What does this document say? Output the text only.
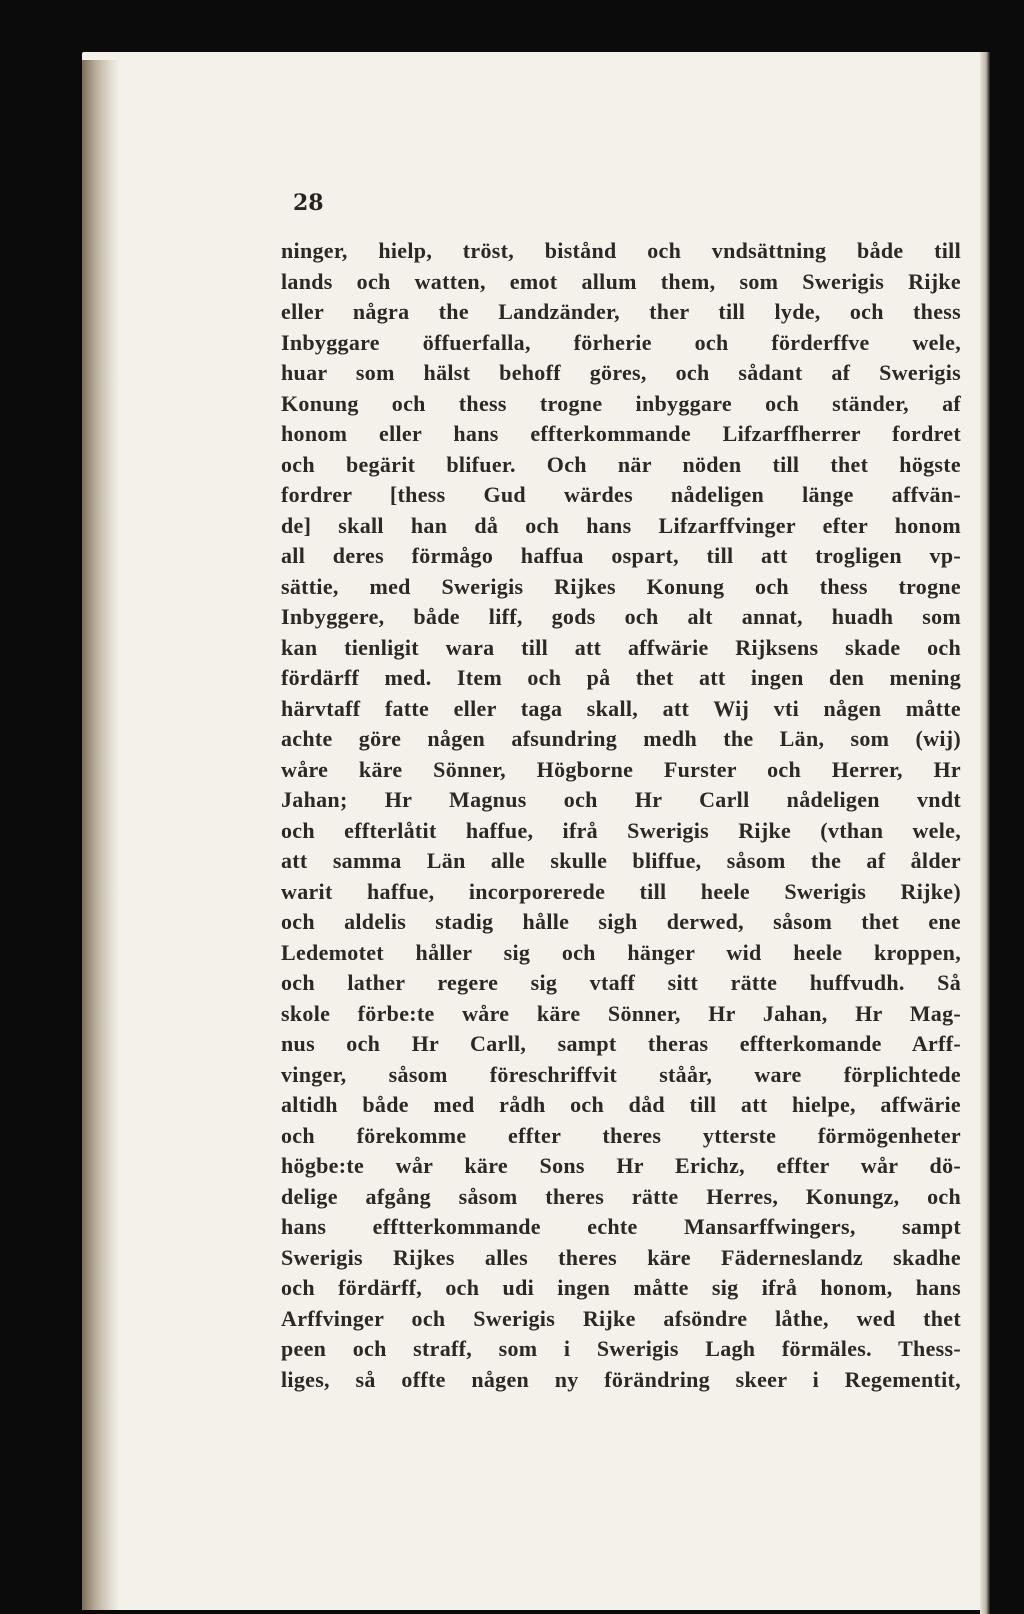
28

ninger, hielp, tröst, bistånd och vndsättning både till
lands och watten, emot allum them, som Swerigis Rijke
eller några the Landzänder, ther till lyde, och thess
Inbyggare öffuerfalla, förherie och förderffve wele,
huar som hälst behoff göres, och sådant af Swerigis
Konung och thess trogne inbyggare och ständer, af
honom eller hans effterkommande Lifzarffherrer fordret
och begärit blifuer. Och när nöden till thet högste
fordrer [thess Gud wärdes nådeligen länge affvän-
de] skall han då och hans Lifzarffvinger efter honom
all deres förmågo haffua ospart, till att trogligen vp-
sättie, med Swerigis Rijkes Konung och thess trogne
Inbyggere, både liff, gods och alt annat, huadh som
kan tienligit wara till att affwärie Rijksens skade och
fördärff med. Item och på thet att ingen den mening
härvtaff fatte eller taga skall, att Wij vti någen måtte
achte göre någen afsundring medh the Län, som (wij)
wåre käre Sönner, Högborne Furster och Herrer, Hr
Jahan; Hr Magnus och Hr Carll nådeligen vndt
och effterlåtit haffue, ifrå Swerigis Rijke (vthan wele,
att samma Län alle skulle bliffue, såsom the af ålder
warit haffue, incorporerede till heele Swerigis Rijke)
och aldelis stadig hålle sigh derwed, såsom thet ene
Ledemotet håller sig och hänger wid heele kroppen,
och lather regere sig vtaff sitt rätte huffvudh. Så
skole förbe:te wåre käre Sönner, Hr Jahan, Hr Mag-
nus och Hr Carll, sampt theras effterkomande Arff-
vinger, såsom föreschriffvit ståår, ware förplichtede
altidh både med rådh och dåd till att hielpe, affwärie
och förekomme effter theres ytterste förmögenheter
högbe:te wår käre Sons Hr Erichz, effter wår dö-
delige afgång såsom theres rätte Herres, Konungz, och
hans efftterkommande echte Mansarffwingers, sampt
Swerigis Rijkes alles theres käre Fäderneslandz skadhe
och fördärff, och udi ingen måtte sig ifrå honom, hans
Arffvinger och Swerigis Rijke afsöndre låthe, wed thet
peen och straff, som i Swerigis Lagh förmäles. Thess-
liges, så offte någen ny förändring skeer i Regementit,
